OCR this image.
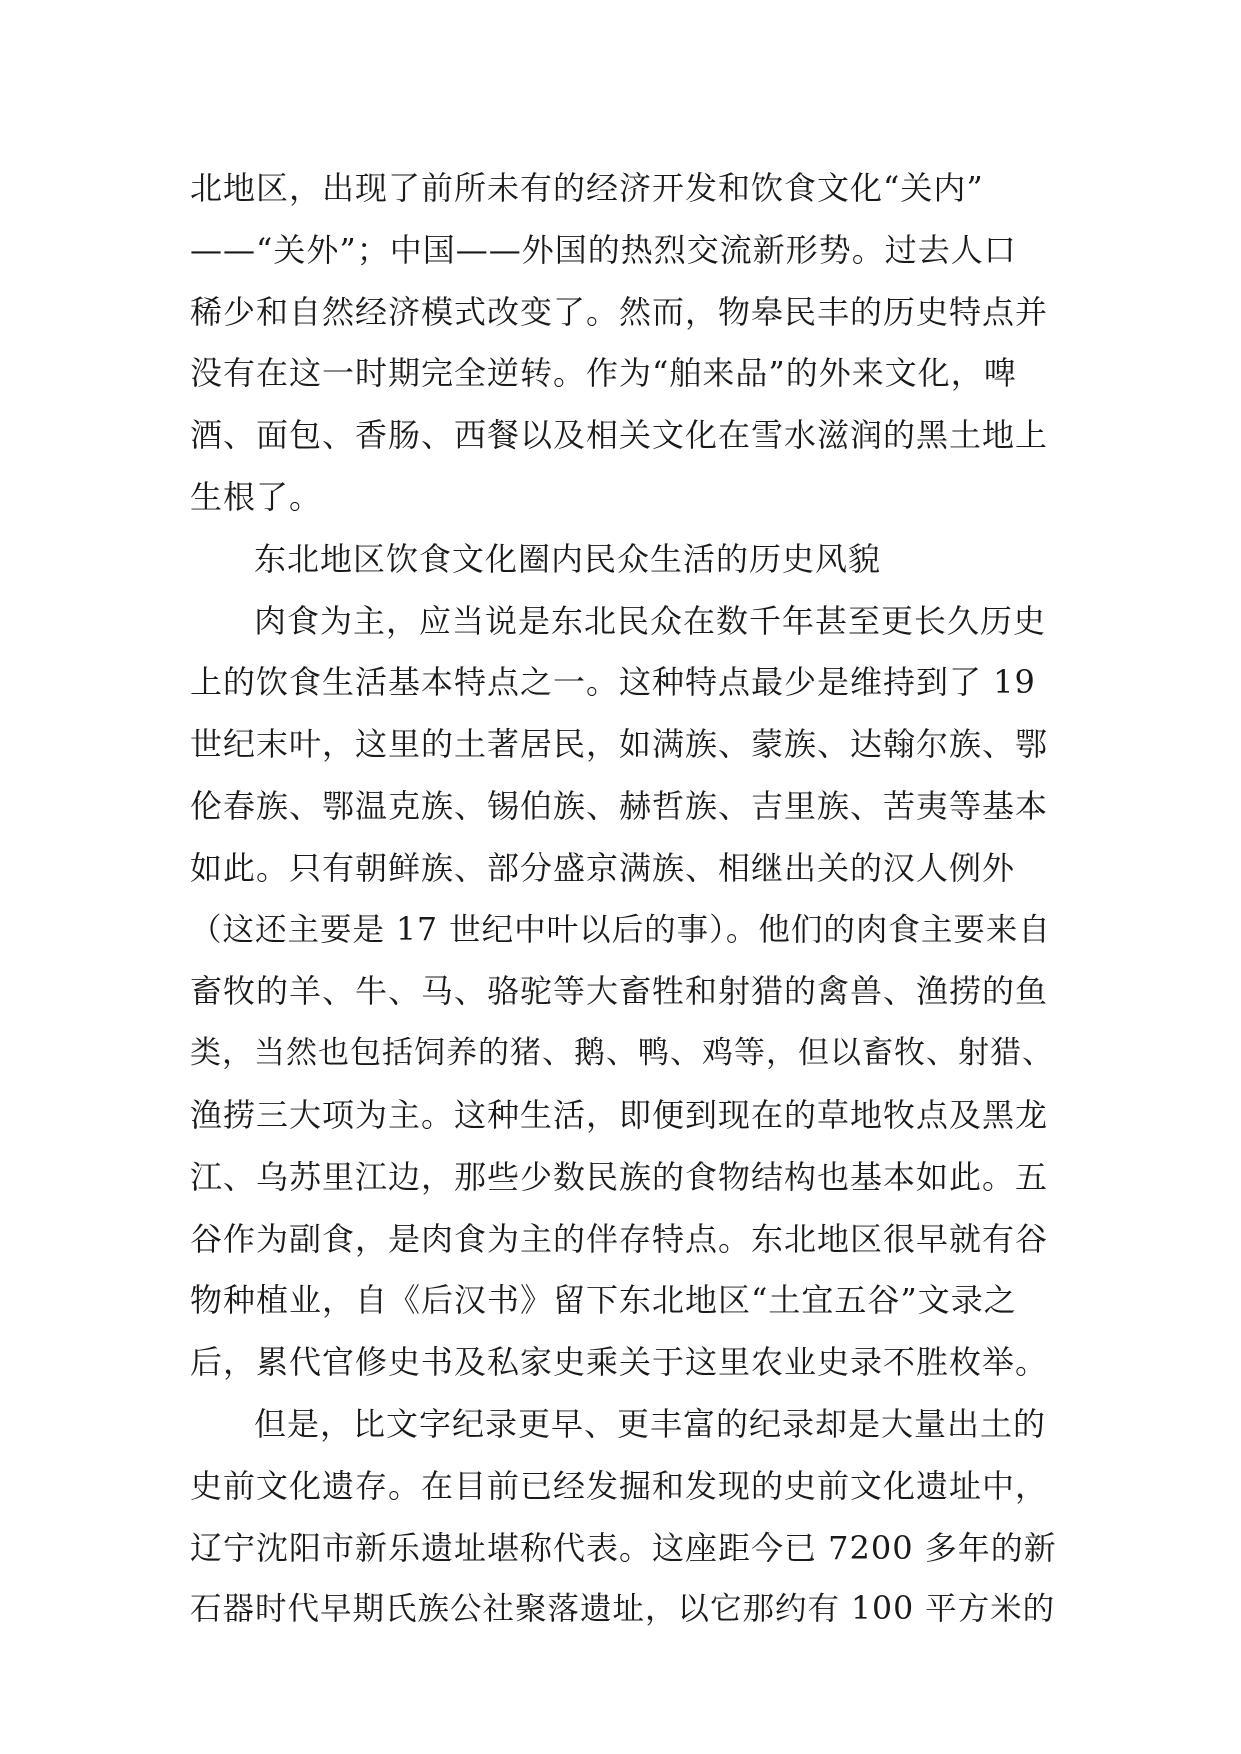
北地区，出现了前所未有的经济开发和饮食文化“关内”
——“关外”；中国——外国的热烈交流新形势。过去人口
稀少和自然经济模式改变了。然而，物皋民丰的历史特点并
没有在这一时期完全逆转。作为“舶来品”的外来文化，啤
酒、面包、香肠、西餐以及相关文化在雪水滋润的黑土地上
生根了。
东北地区饮食文化圈内民众生活的历史风貌
肉食为主，应当说是东北民众在数千年甚至更长久历史
上的饮食生活基本特点之一。这种特点最少是维持到了 19
世纪末叶，这里的土著居民，如满族、蒙族、达翰尔族、鄂
伦春族、鄂温克族、锡伯族、赫哲族、吉里族、苦夷等基本
如此。只有朝鲜族、部分盛京满族、相继出关的汉人例外
（这还主要是 17 世纪中叶以后的事）。他们的肉食主要来自
畜牧的羊、牛、马、骆驼等大畜牲和射猎的禽兽、渔捞的鱼
类，当然也包括饲养的猪、鹅、鸭、鸡等，但以畜牧、射猎、
渔捞三大项为主。这种生活，即便到现在的草地牧点及黑龙
江、乌苏里江边，那些少数民族的食物结构也基本如此。五
谷作为副食，是肉食为主的伴存特点。东北地区很早就有谷
物种植业，自《后汉书》留下东北地区“土宜五谷”文录之
后，累代官修史书及私家史乘关于这里农业史录不胜枚举。
但是，比文字纪录更早、更丰富的纪录却是大量出土的
史前文化遗存。在目前已经发掘和发现的史前文化遗址中，
辽宁沈阳市新乐遗址堪称代表。这座距今已 7200 多年的新
石器时代早期氏族公社聚落遗址，以它那约有 100 平方米的
